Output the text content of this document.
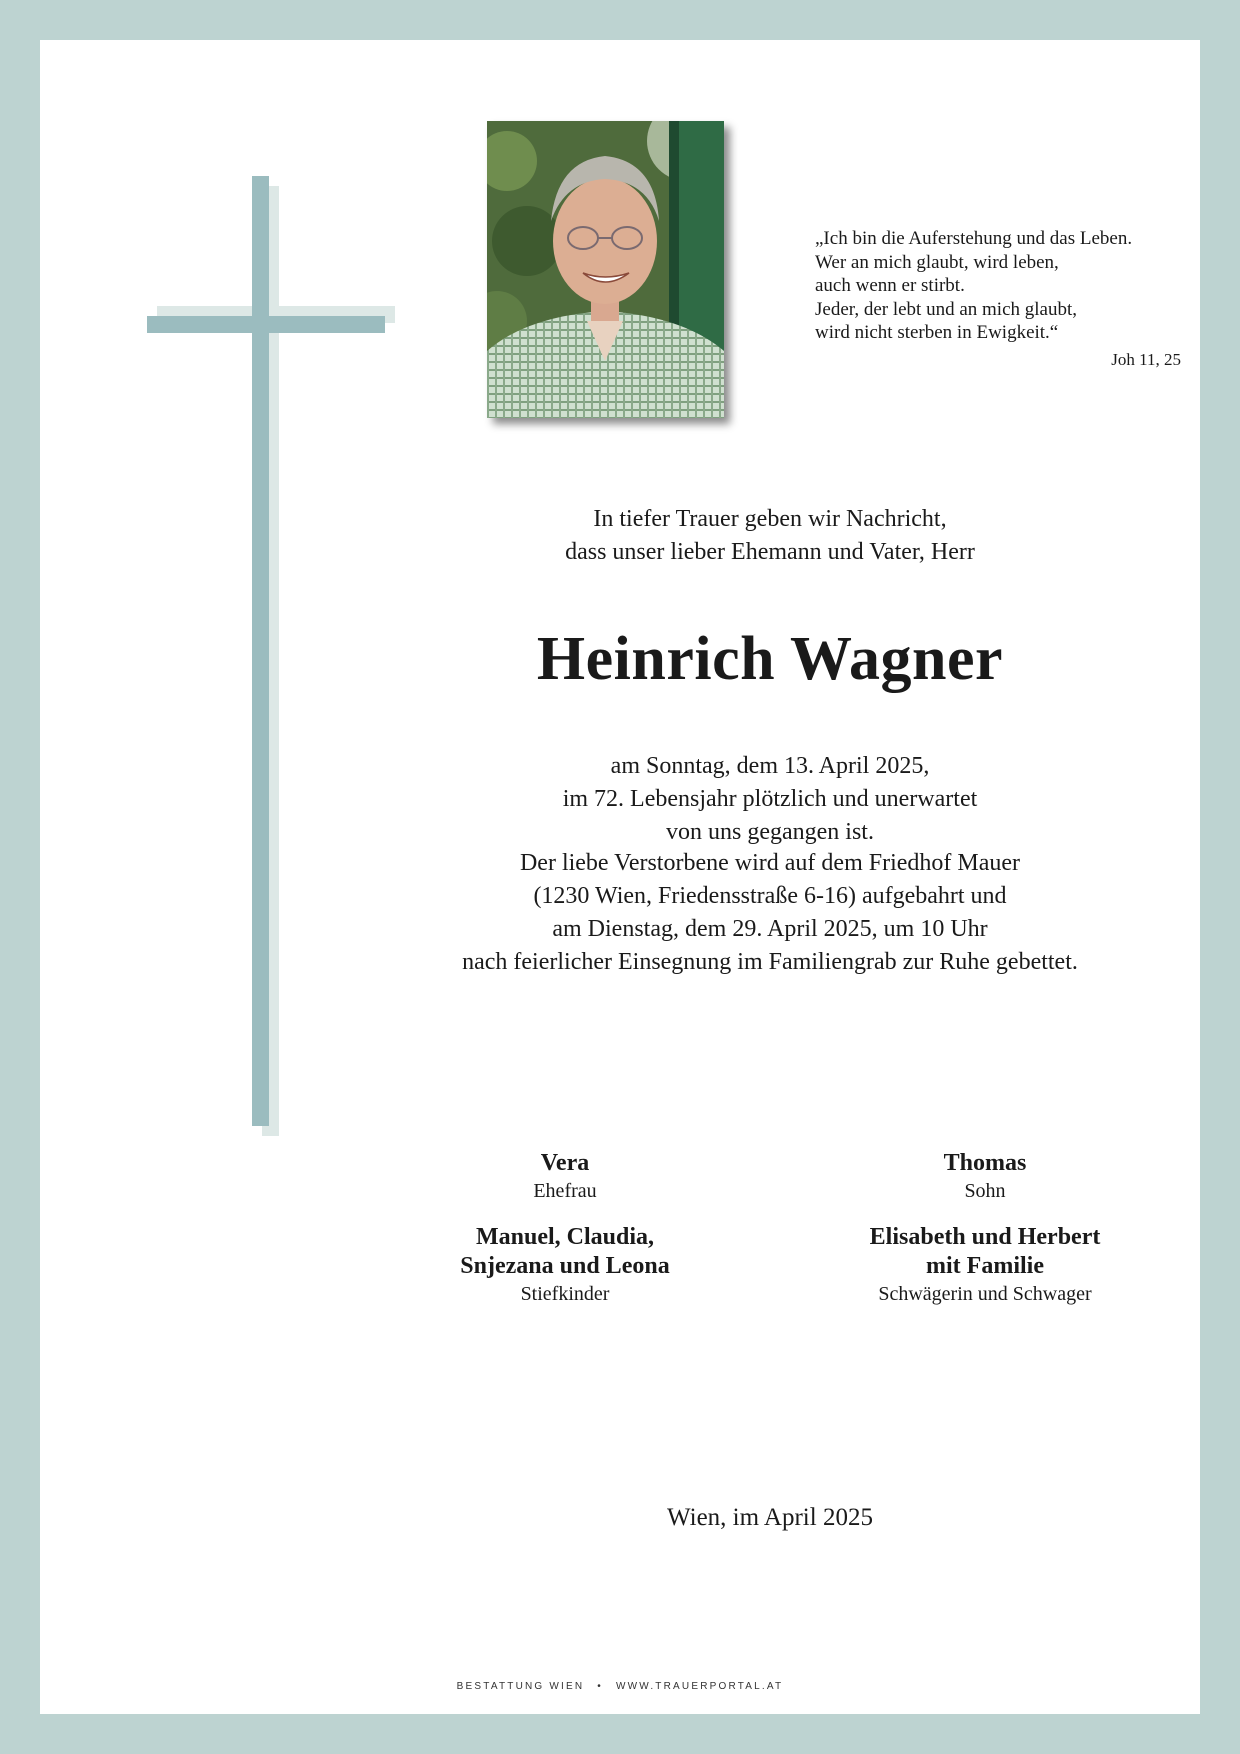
„Ich bin die Auferstehung und das Leben.
Wer an mich glaubt, wird leben,
auch wenn er stirbt.
Jeder, der lebt und an mich glaubt,
wird nicht sterben in Ewigkeit.“
Joh 11, 25
In tiefer Trauer geben wir Nachricht,
dass unser lieber Ehemann und Vater, Herr
Heinrich Wagner
am Sonntag, dem 13. April 2025,
im 72. Lebensjahr plötzlich und unerwartet
von uns gegangen ist.
Der liebe Verstorbene wird auf dem Friedhof Mauer
(1230 Wien, Friedensstraße 6-16) aufgebahrt und
am Dienstag, dem 29. April 2025, um 10 Uhr
nach feierlicher Einsegnung im Familiengrab zur Ruhe gebettet.
Vera
Ehefrau
Thomas
Sohn
Manuel, Claudia,
Snjezana und Leona
Stiefkinder
Elisabeth und Herbert
mit Familie
Schwägerin und Schwager
Wien, im April 2025
BESTATTUNG WIEN • WWW.TRAUERPORTAL.AT
